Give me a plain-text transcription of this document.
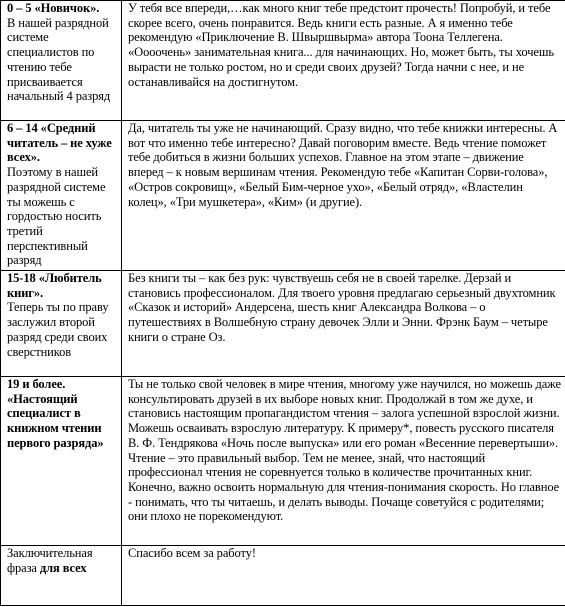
0 – 5 «Новичок».
В нашей разрядной системе специалистов по чтению тебе присваивается начальный 4 разряд	У тебя все впереди,…как много книг тебе предстоит прочесть! Попробуй, и тебе скорее всего, очень понравится. Ведь книги есть разные. А я именно тебе рекомендую «Приключение В. Швыршвырма» автора Тоона Теллегена.
«Оооочень» занимательная книга... для начинающих. Но, может быть, ты хочешь вырасти не только ростом, но и среди своих друзей? Тогда начни с нее, и не останавливайся на достигнутом.

6 – 14 «Средний читатель – не хуже всех».
Поэтому в нашей разрядной системе ты можешь с гордостью носить третий перспективный разряд	Да, читатель ты уже не начинающий. Сразу видно, что тебе книжки интересны. А вот что именно тебе интересно? Давай поговорим вместе. Ведь чтение поможет тебе добиться в жизни больших успехов. Главное на этом этапе – движение вперед – к новым вершинам чтения. Рекомендую тебе «Капитан Сорви-голова», «Остров сокровищ», «Белый Бим-черное ухо», «Белый отряд», «Властелин колец», «Три мушкетера», «Ким» (и другие).

15-18 «Любитель книг».
Теперь ты по праву заслужил второй разряд среди своих сверстников	Без книги ты – как без рук: чувствуешь себя не в своей тарелке. Дерзай и становись профессионалом. Для твоего уровня предлагаю серьезный двухтомник «Сказок и историй» Андерсена, шесть книг Александра Волкова – о путешествиях в Волшебную страну девочек Элли и Энни. Фрэнк Баум – четыре книги о стране Оз.

19 и более. «Настоящий специалист в книжном чтении первого разряда»	Ты не только свой человек в мире чтения, многому уже научился, но можешь даже консультировать друзей в их выборе новых книг. Продолжай в том же духе, и становись настоящим пропагандистом чтения – залога успешной взрослой жизни. Можешь осваивать взрослую литературу. К примеру*, повесть русского писателя В. Ф. Тендрякова «Ночь после выпуска» или его роман «Весенние перевертыши».
Чтение – это правильный выбор. Тем не менее, знай, что настоящий профессионал чтения не соревнуется только в количестве прочитанных книг. Конечно, важно освоить нормальную для чтения-понимания скорость. Но главное - понимать, что ты читаешь, и делать выводы. Почаще советуйся с родителями; они плохо не порекомендуют.

Заключительная фраза для всех	Спасибо всем за работу!
